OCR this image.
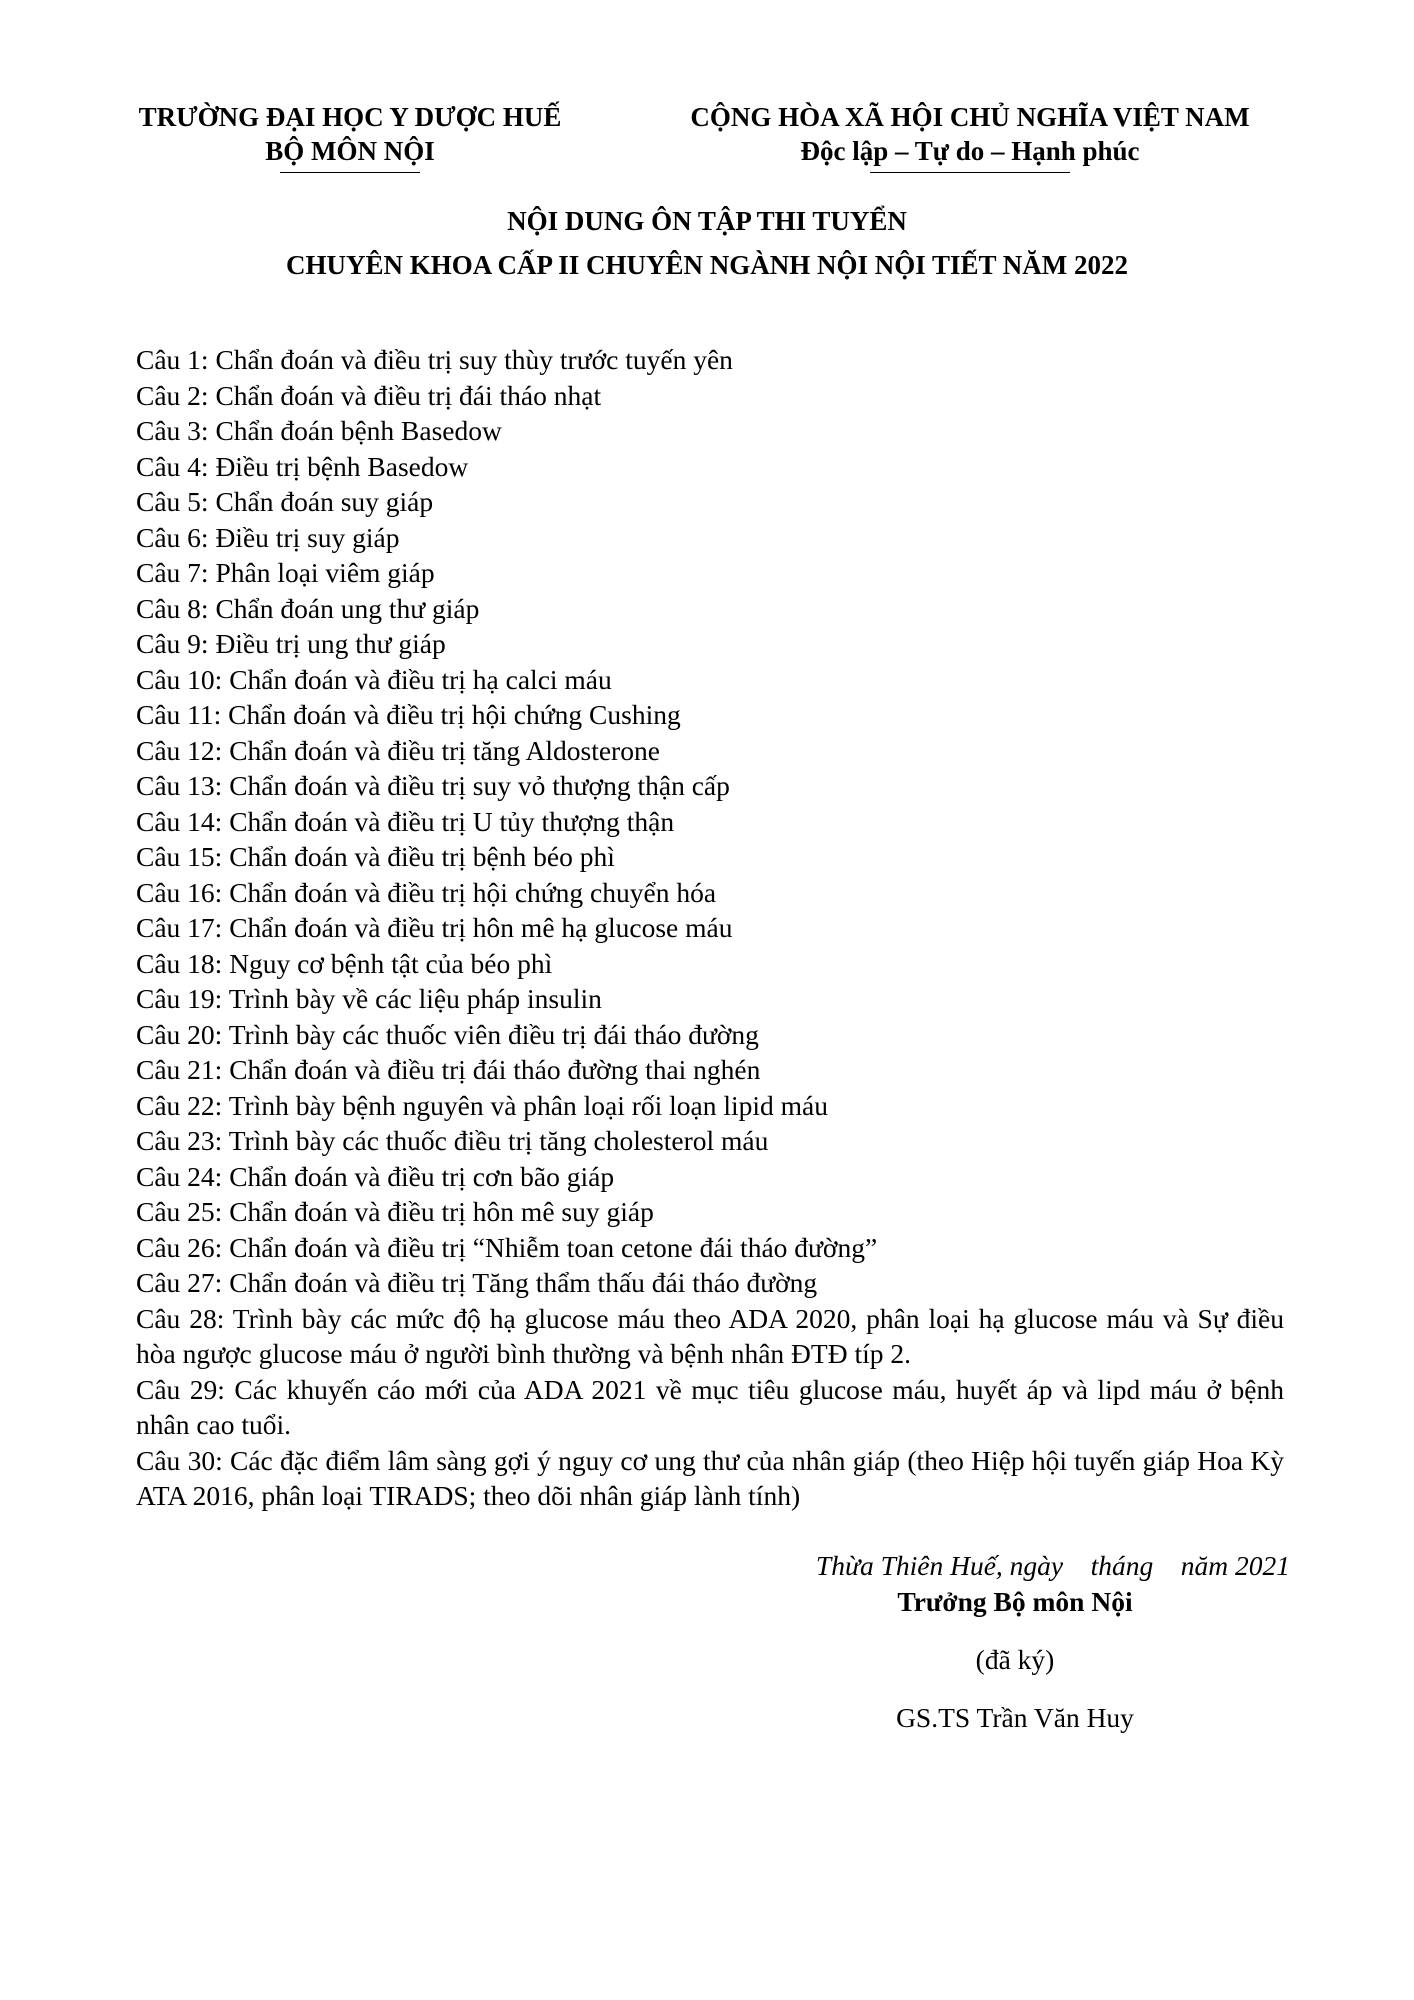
TRƯỜNG ĐẠI HỌC Y DƯỢC HUẾ
BỘ MÔN NỘI
CỘNG HÒA XÃ HỘI CHỦ NGHĨA VIỆT NAM
Độc lập – Tự do – Hạnh phúc
NỘI DUNG ÔN TẬP THI TUYỂN
CHUYÊN KHOA CẤP II CHUYÊN NGÀNH NỘI NỘI TIẾT NĂM 2022
Câu 1: Chẩn đoán và điều trị suy thùy trước tuyến yên
Câu 2: Chẩn đoán và điều trị đái tháo nhạt
Câu 3: Chẩn đoán bệnh Basedow
Câu 4: Điều trị bệnh Basedow
Câu 5: Chẩn đoán suy giáp
Câu 6: Điều trị suy giáp
Câu 7: Phân loại viêm giáp
Câu 8: Chẩn đoán ung thư giáp
Câu 9: Điều trị ung thư giáp
Câu 10: Chẩn đoán và điều trị hạ calci máu
Câu 11: Chẩn đoán và điều trị hội chứng Cushing
Câu 12: Chẩn đoán và điều trị tăng Aldosterone
Câu 13: Chẩn đoán và điều trị suy vỏ thượng thận cấp
Câu 14: Chẩn đoán và điều trị U tủy thượng thận
Câu 15: Chẩn đoán và điều trị bệnh béo phì
Câu 16: Chẩn đoán và điều trị hội chứng chuyển hóa
Câu 17: Chẩn đoán và điều trị hôn mê hạ glucose máu
Câu 18: Nguy cơ bệnh tật của béo phì
Câu 19: Trình bày về các liệu pháp insulin
Câu 20: Trình bày các thuốc viên điều trị đái tháo đường
Câu 21: Chẩn đoán và điều trị đái tháo đường thai nghén
Câu 22: Trình bày bệnh nguyên và phân loại rối loạn lipid máu
Câu 23: Trình bày các thuốc điều trị tăng cholesterol máu
Câu 24: Chẩn đoán và điều trị cơn bão giáp
Câu 25: Chẩn đoán và điều trị hôn mê suy giáp
Câu 26: Chẩn đoán và điều trị “Nhiễm toan cetone đái tháo đường”
Câu 27: Chẩn đoán và điều trị Tăng thẩm thấu đái tháo đường
Câu 28: Trình bày các mức độ hạ glucose máu theo ADA 2020, phân loại hạ glucose máu và Sự điều hòa ngược glucose máu ở người bình thường và bệnh nhân ĐTĐ típ 2.
Câu 29: Các khuyến cáo mới của ADA 2021 về mục tiêu glucose máu, huyết áp và lipd máu ở bệnh nhân cao tuổi.
Câu 30: Các đặc điểm lâm sàng gợi ý nguy cơ ung thư của nhân giáp (theo Hiệp hội tuyến giáp Hoa Kỳ ATA 2016, phân loại TIRADS; theo dõi nhân giáp lành tính)
Thừa Thiên Huế, ngày    tháng    năm 2021
Trưởng Bộ môn Nội
(đã ký)
GS.TS Trần Văn Huy
